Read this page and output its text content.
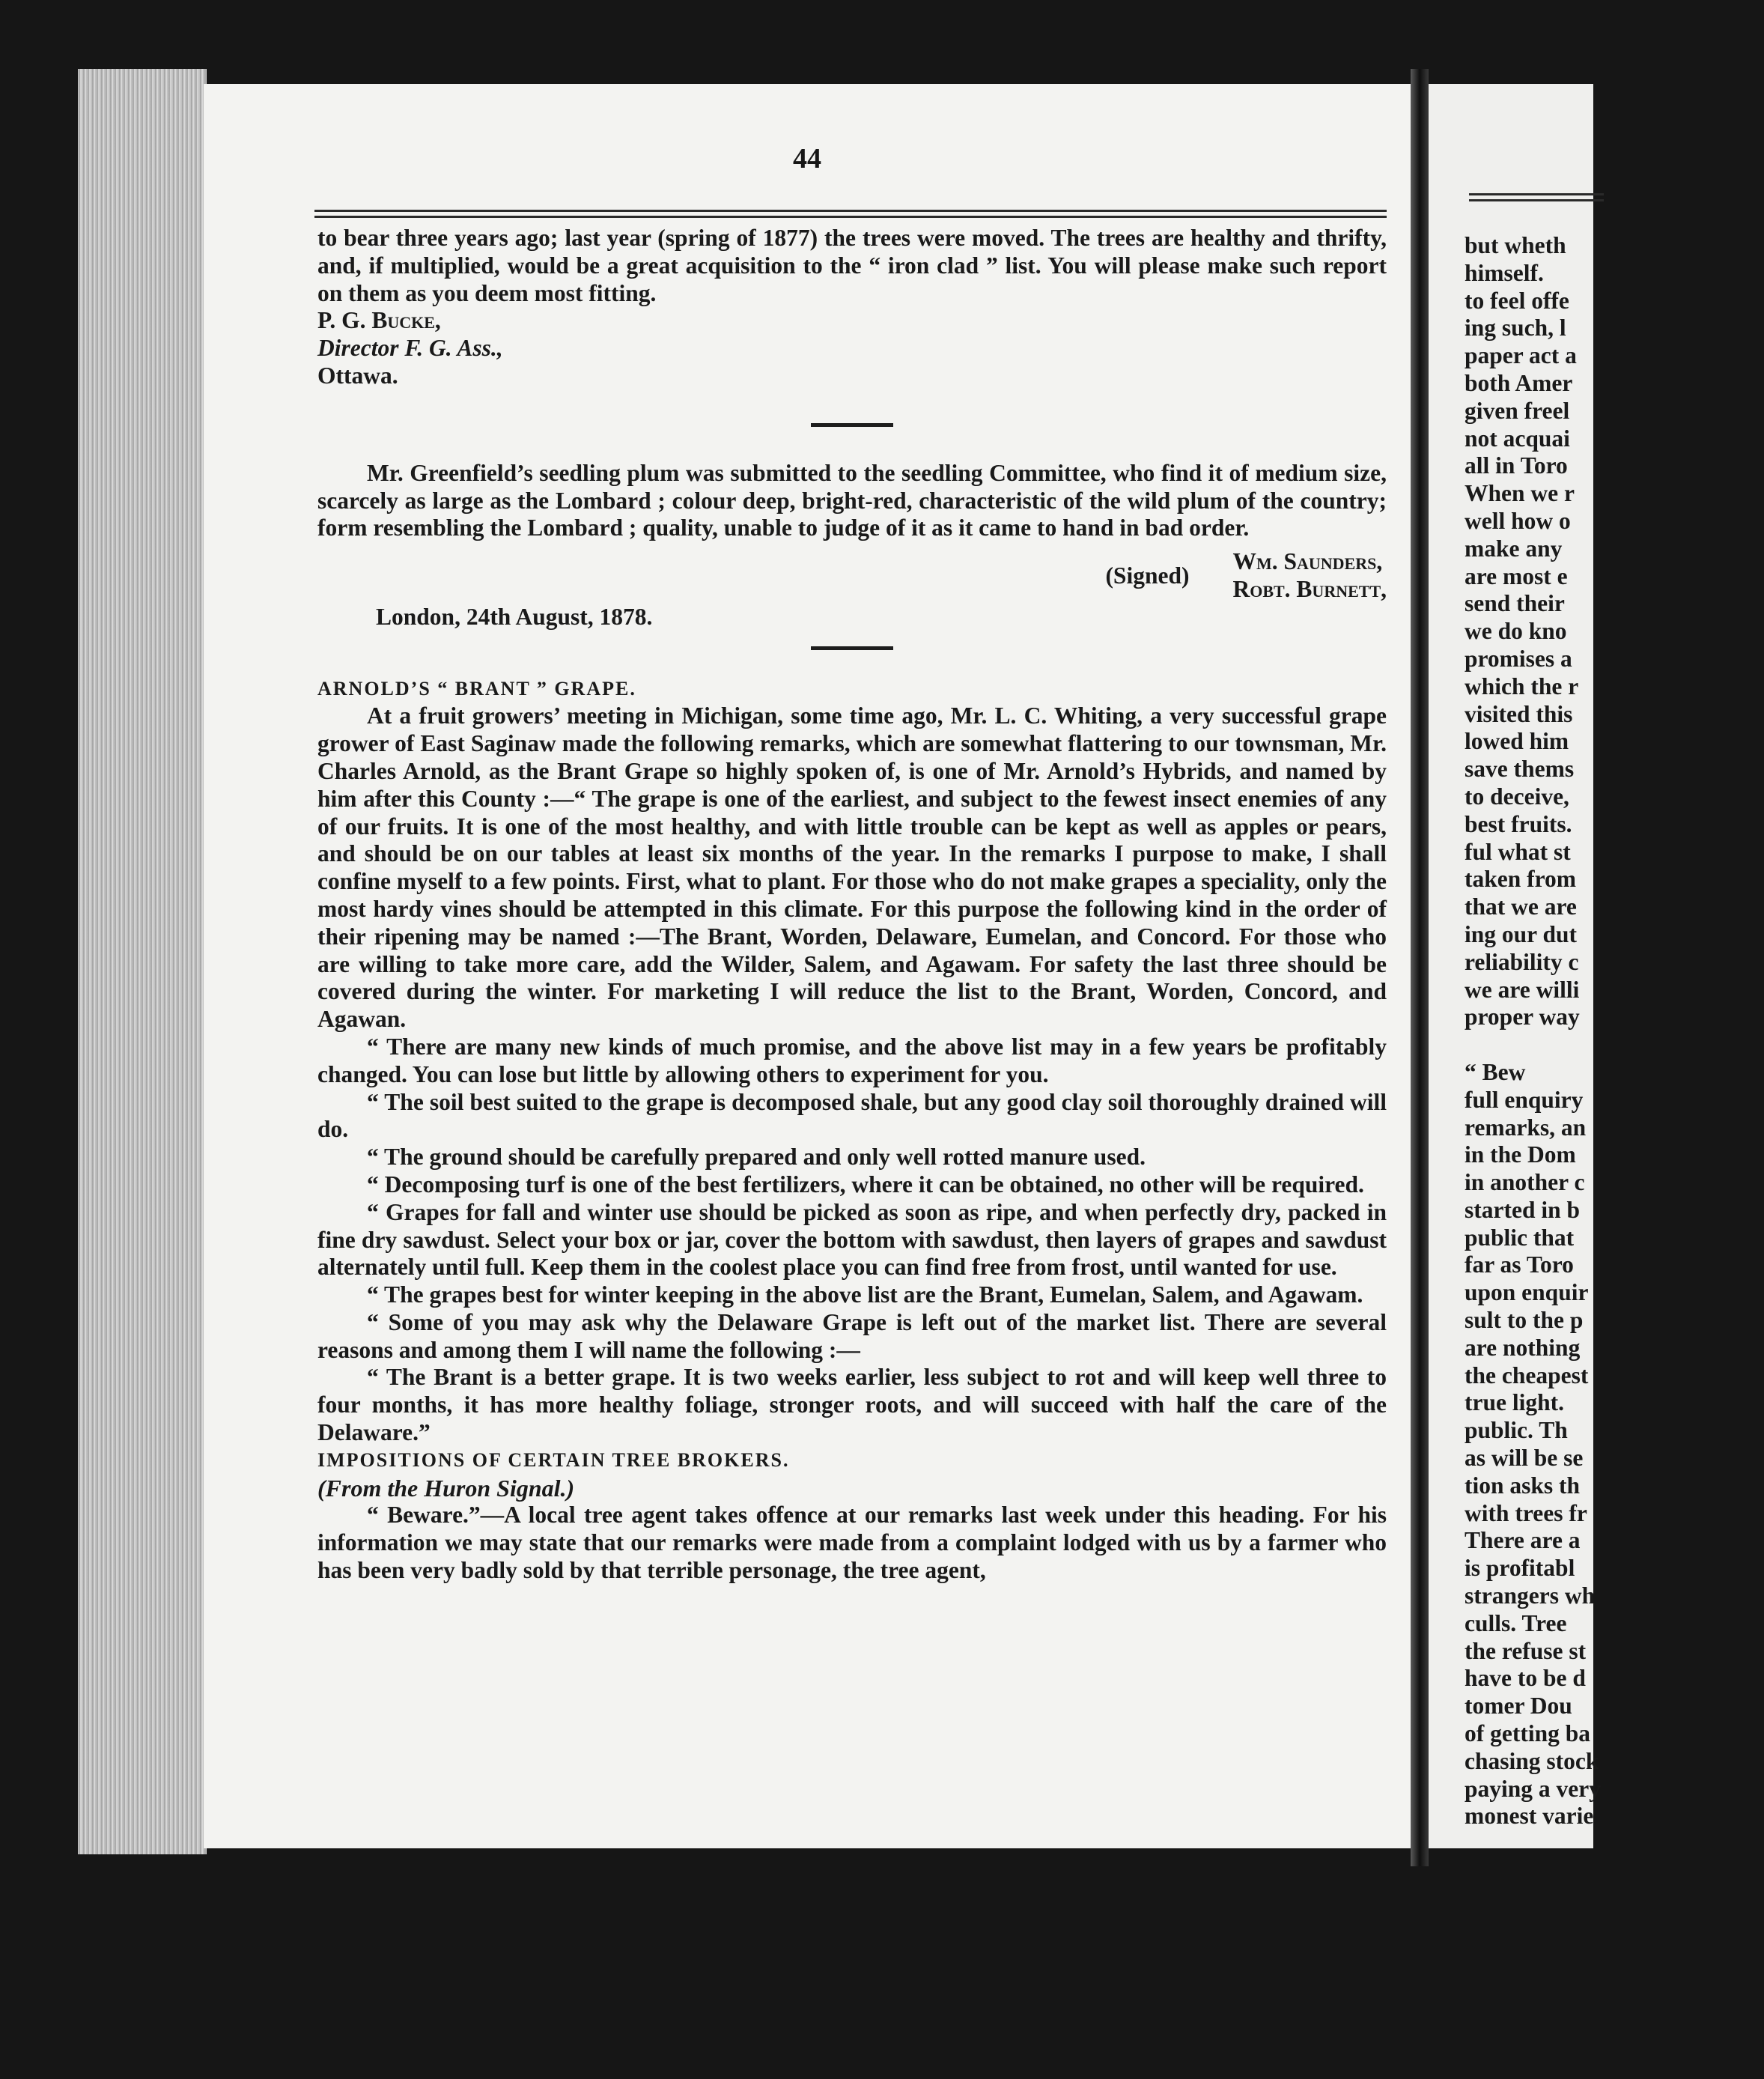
44

to bear three years ago; last year (spring of 1877) the trees were moved. The trees are healthy and thrifty, and, if multiplied, would be a great acquisition to the “ iron clad ” list. You will please make such report on them as you deem most fitting.

P. G. Bucke,

Director F. G. Ass.,

Ottawa.

Mr. Greenfield’s seedling plum was submitted to the seedling Committee, who find it of medium size, scarcely as large as the Lombard ; colour deep, bright-red, characteristic of the wild plum of the country; form resembling the Lombard ; quality, unable to judge of it as it came to hand in bad order.

(Signed)
Wm. Saunders,
Robt. Burnett,

London, 24th August, 1878.

ARNOLD’S “ BRANT ” GRAPE.

At a fruit growers’ meeting in Michigan, some time ago, Mr. L. C. Whiting, a very successful grape grower of East Saginaw made the following remarks, which are somewhat flattering to our townsman, Mr. Charles Arnold, as the Brant Grape so highly spoken of, is one of Mr. Arnold’s Hybrids, and named by him after this County :—“ The grape is one of the earliest, and subject to the fewest insect enemies of any of our fruits. It is one of the most healthy, and with little trouble can be kept as well as apples or pears, and should be on our tables at least six months of the year. In the remarks I purpose to make, I shall confine myself to a few points. First, what to plant. For those who do not make grapes a speciality, only the most hardy vines should be attempted in this climate. For this purpose the following kind in the order of their ripening may be named :—The Brant, Worden, Delaware, Eumelan, and Concord. For those who are willing to take more care, add the Wilder, Salem, and Agawam. For safety the last three should be covered during the winter. For marketing I will reduce the list to the Brant, Worden, Concord, and Agawan.

“ There are many new kinds of much promise, and the above list may in a few years be profitably changed. You can lose but little by allowing others to experiment for you.

“ The soil best suited to the grape is decomposed shale, but any good clay soil thoroughly drained will do.

“ The ground should be carefully prepared and only well rotted manure used.

“ Decomposing turf is one of the best fertilizers, where it can be obtained, no other will be required.

“ Grapes for fall and winter use should be picked as soon as ripe, and when perfectly dry, packed in fine dry sawdust. Select your box or jar, cover the bottom with sawdust, then layers of grapes and sawdust alternately until full. Keep them in the coolest place you can find free from frost, until wanted for use.

“ The grapes best for winter keeping in the above list are the Brant, Eumelan, Salem, and Agawam.

“ Some of you may ask why the Delaware Grape is left out of the market list. There are several reasons and among them I will name the following :—

“ The Brant is a better grape. It is two weeks earlier, less subject to rot and will keep well three to four months, it has more healthy foliage, stronger roots, and will succeed with half the care of the Delaware.”

IMPOSITIONS OF CERTAIN TREE BROKERS.

(From the Huron Signal.)

“ Beware.”—A local tree agent takes offence at our remarks last week under this heading. For his information we may state that our remarks were made from a complaint lodged with us by a farmer who has been very badly sold by that terrible personage, the tree agent,

but wheth
himself.
to feel offe
ing such, l
paper act a
both Amer
given freel
not acquai
all in Toro
When we r
well how o
make any
are most e
send their
we do kno
promises a
which the r
visited this
lowed him
save thems
to deceive,
best fruits.
ful what st
taken from
that we are
ing our dut
reliability c
we are willi
proper way
“ Bew
full enquiry
remarks, an
in the Dom
in another c
started in b
public that
far as Toro
upon enquir
sult to the p
are nothing
the cheapest
true light.
public. Th
as will be se
tion asks th
with trees fr
There are a
is profitabl
strangers wh
culls. Tree
the refuse st
have to be d
tomer Dou
of getting ba
chasing stock
paying a very
monest varie
